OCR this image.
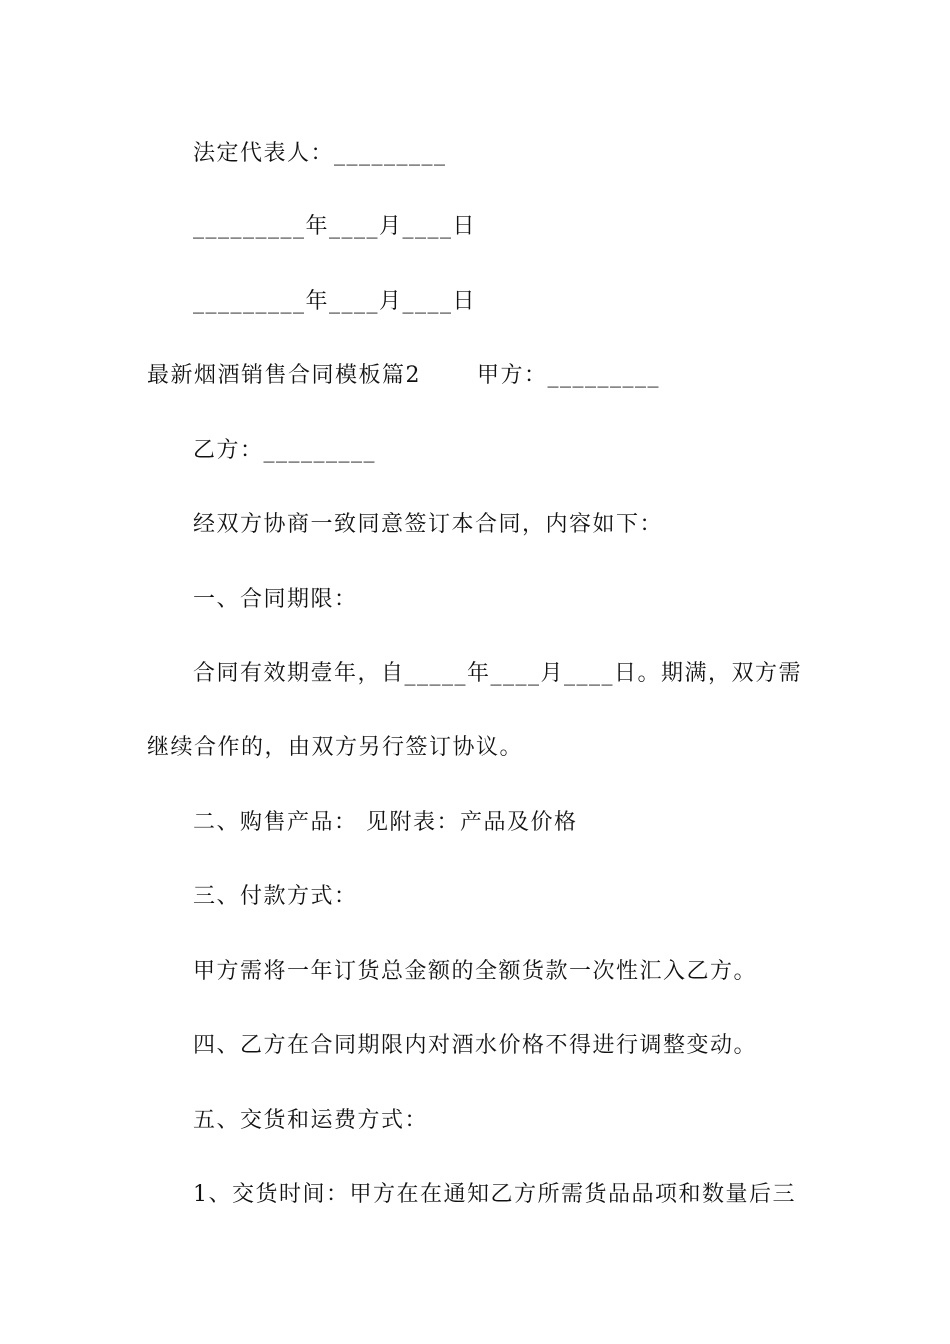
法定代表人：_________
_________年____月____日
_________年____月____日
最新烟酒销售合同模板篇2	甲方：_________
乙方：_________
经双方协商一致同意签订本合同，内容如下：
一、合同期限：
合同有效期壹年，自_____年____月____日。期满，双方需
继续合作的，由双方另行签订协议。
二、购售产品： 见附表：产品及价格
三、付款方式：
甲方需将一年订货总金额的全额货款一次性汇入乙方。
四、乙方在合同期限内对酒水价格不得进行调整变动。
五、交货和运费方式：
1、交货时间：甲方在在通知乙方所需货品品项和数量后三
